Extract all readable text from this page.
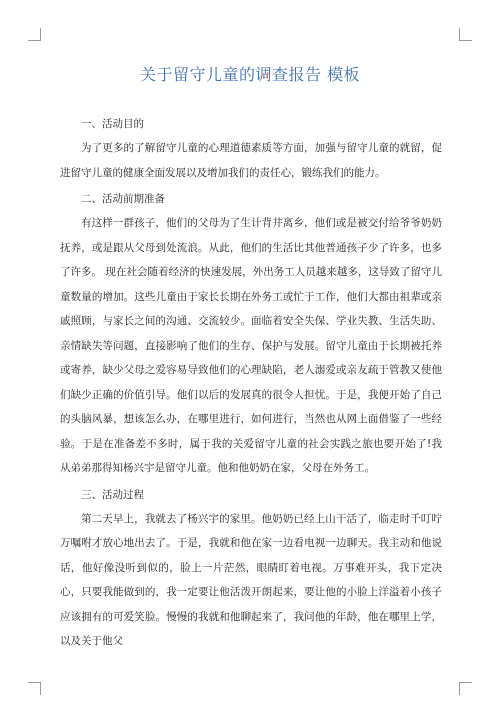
关于留守儿童的调查报告 模板

一、活动目的

为了更多的了解留守儿童的心理道德素质等方面，加强与留守儿童的就留，促进留守儿童的健康全面发展以及增加我们的责任心，锻练我们的能力。

二、活动前期准备

有这样一群孩子，他们的父母为了生计背井离乡，他们或是被交付给爷爷奶奶抚养，或是跟从父母到处流浪。从此，他们的生活比其他普通孩子少了许多，也多了许多。 现在社会随着经济的快速发展，外出务工人员越来越多，这导致了留守儿童数量的增加。这些儿童由于家长长期在外务工或忙于工作，他们大都由祖辈或亲戚照顾，与家长之间的沟通、交流较少。面临着安全失保、学业失教、生活失助、亲情缺失等问题，直接影响了他们的生存、保护与发展。留守儿童由于长期被托养或寄养，缺少父母之爱容易导致他们的心理缺陷，老人溺爱或亲友疏于管教又使他们缺少正确的价值引导。他们以后的发展真的很令人担忧。于是，我便开始了自己的头脑风暴，想该怎么办，在哪里进行，如何进行，当然也从网上面借鉴了一些经验。于是在准备差不多时，属于我的关爱留守儿童的社会实践之旅也要开始了!我从弟弟那得知杨兴宇是留守儿童。他和他奶奶在家，父母在外务工。

三、活动过程

第二天早上，我就去了杨兴宇的家里。他奶奶已经上山干活了，临走时千叮咛万嘱咐才放心地出去了。于是，我就和他在家一边看电视一边聊天。我主动和他说话，他好像没听到似的，脸上一片茫然，眼睛盯着电视。万事难开头，我下定决心，只要我能做到的，我一定要让他活泼开朗起来，要让他的小脸上洋溢着小孩子应该拥有的可爱笑脸。慢慢的我就和他聊起来了，我问他的年龄，他在哪里上学，以及关于他父
